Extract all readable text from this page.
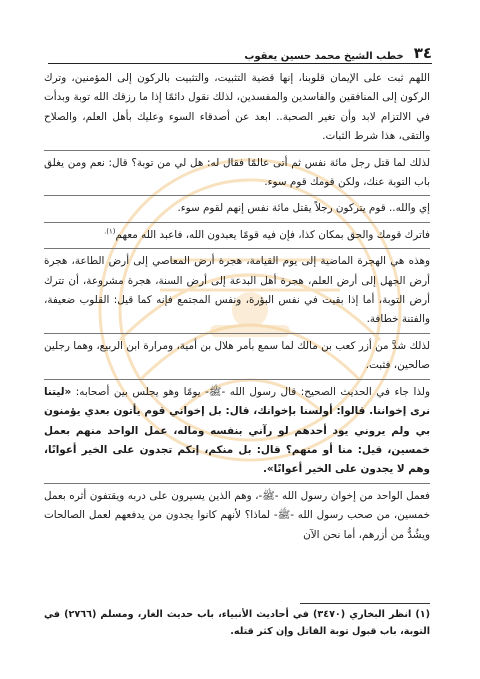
٣٤
خطب الشيخ محمد حسين يعقوب

اللهم ثبت على الإيمان قلوبنا، إنها قضية التثبيت، والتثبيت بالركون إلى المؤمنين، وترك الركون إلى المنافقين والفاسدين والمفسدين، لذلك نقول دائمًا إذا ما رزقك الله توبة وبدأت في الالتزام لابد وأن تغير الصحبة.. ابعد عن أصدقاء السوء وعليك بأهل العلم، والصلاح والتقى، هذا شرط الثبات.

لذلك لما قتل رجل مائة نفس ثم أتى عالمًا فقال له: هل لي من توبة؟ قال: نعم ومن يغلق باب التوبة عنك، ولكن قومك قوم سوء.

إي والله.. قوم يتركون رجلاً يقتل مائة نفس إنهم لقوم سوء.

فاترك قومك والحق بمكان كذا، فإن فيه قومًا يعبدون الله، فاعبد الله معهم$^{(١).}$

وهذه هي الهجرة الماضية إلى يوم القيامة، هجرة أرض المعاصي إلى أرض الطاعة، هجرة أرض الجهل إلى أرض العلم، هجرة أهل البدعة إلى أرض السنة، هجرة مشروعة، أن تترك أرض التوبة، أما إذا بقيت في نفس البؤرة، ونفس المجتمع فإنه كما قيل: القلوب ضعيفة، والفتنة خطافة.

لذلك شدَّ من أزر كعب بن مالك لما سمع بأمر هلال بن أمية، ومرارة ابن الربيع، وهما رجلين صالحين، فثبت.

ولذا جاء في الحديث الصحيح: قال رسول الله -ﷺ- يومًا وهو يجلس بين أصحابه: «ليتنا نرى إخواننا. قالوا: أولسنا بإخوانك، قال: بل إخواني قوم يأتون بعدي يؤمنون بي ولم يروني يود أحدهم لو رآني بنفسه وماله، عمل الواحد منهم بعمل خمسين، قيل: منا أو منهم؟ قال: بل منكم، إنكم تجدون على الخير أعوانًا، وهم لا يجدون على الخير أعوانًا».

فعمل الواحد من إخوان رسول الله -ﷺ-، وهم الذين يسيرون على دربه ويقتفون أثره بعمل خمسين، من صحب رسول الله -ﷺ- لماذا؟ لأنهم كانوا يجدون من يدفعهم لعمل الصالحات ويشُدُّ من أزرهم، أما نحن الآن

(١) انظر البخاري (٣٤٧٠) في أحاديث الأنبياء، باب حديث الغار، ومسلم (٢٧٦٦) في التوبة، باب قبول توبة القاتل وإن كثر قتله.
